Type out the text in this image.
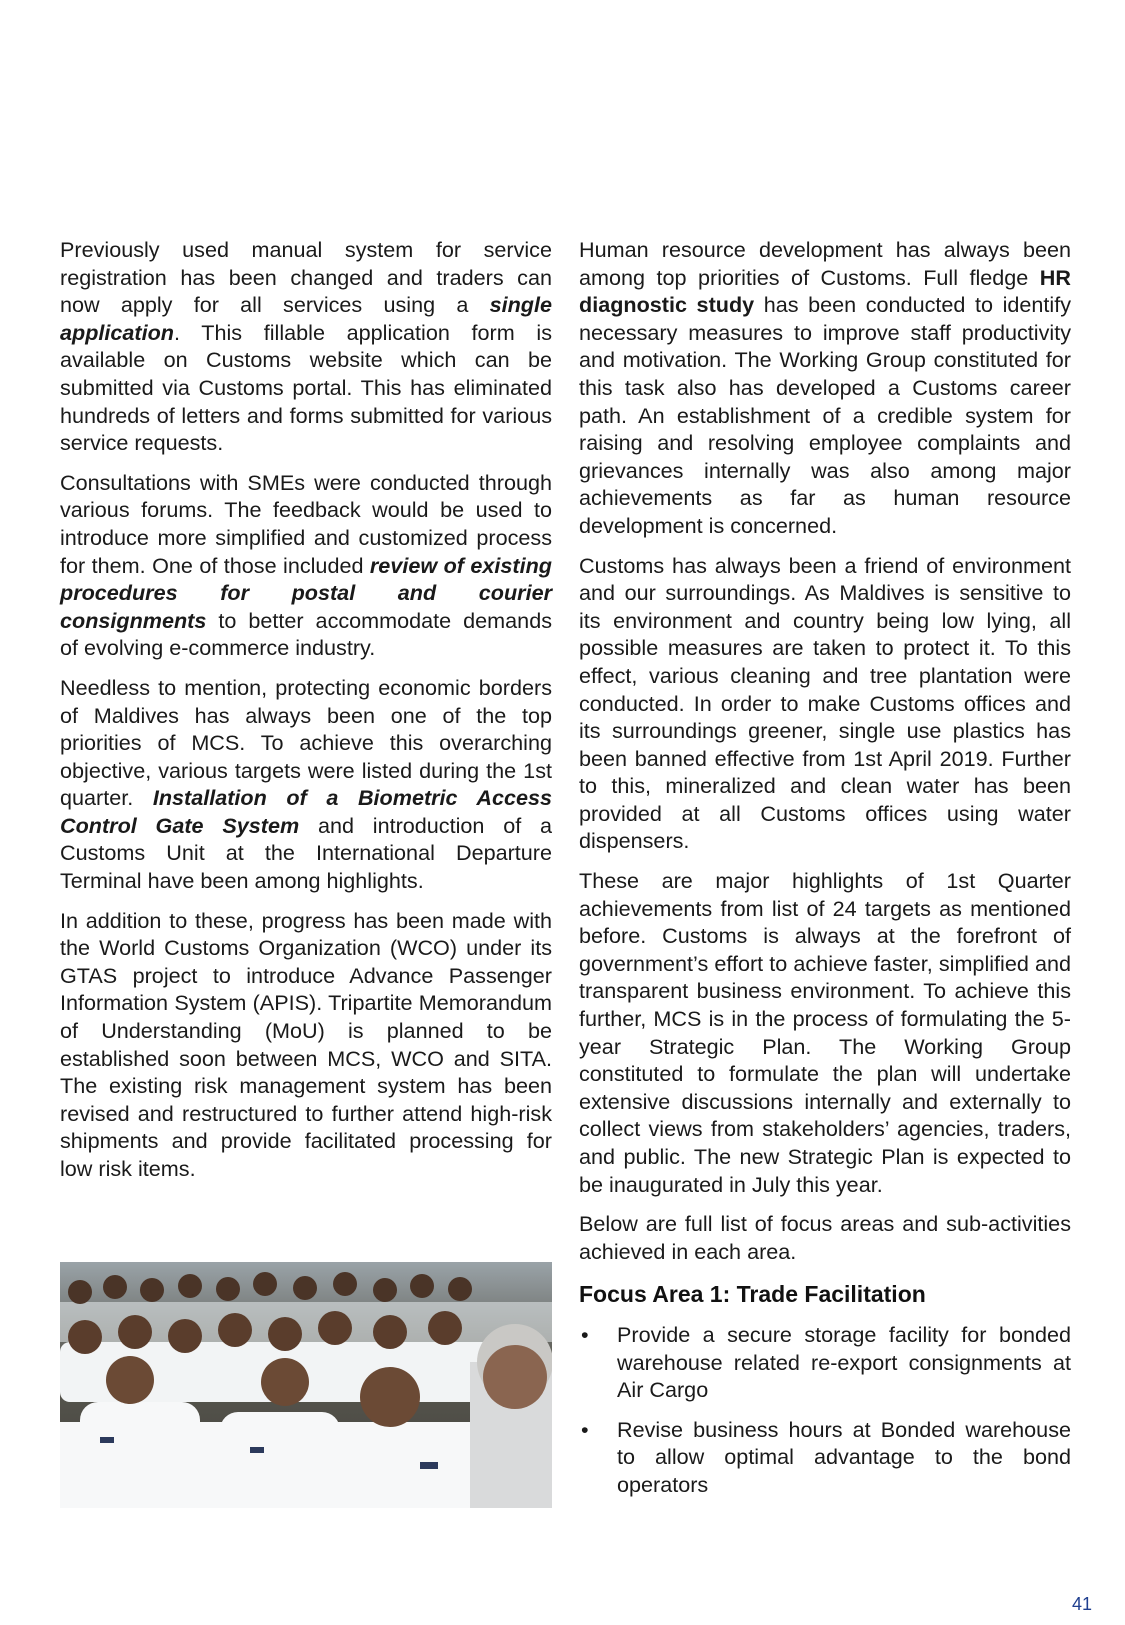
Previously used manual system for service registration has been changed and traders can now apply for all services using a single application. This fillable application form is available on Customs website which can be submitted via Customs portal. This has eliminated hundreds of letters and forms submitted for various service requests.

Consultations with SMEs were conducted through various forums. The feedback would be used to introduce more simplified and customized process for them. One of those included review of existing procedures for postal and courier consignments to better accommodate demands of evolving e-commerce industry.

Needless to mention, protecting economic borders of Maldives has always been one of the top priorities of MCS. To achieve this overarching objective, various targets were listed during the 1st quarter. Installation of a Biometric Access Control Gate System and introduction of a Customs Unit at the International Departure Terminal have been among highlights.

In addition to these, progress has been made with the World Customs Organization (WCO) under its GTAS project to introduce Advance Passenger Information System (APIS). Tripartite Memorandum of Understanding (MoU) is planned to be established soon between MCS, WCO and SITA. The existing risk management system has been revised and restructured to further attend high-risk shipments and provide facilitated processing for low risk items.

Human resource development has always been among top priorities of Customs. Full fledge HR diagnostic study has been conducted to identify necessary measures to improve staff productivity and motivation. The Working Group constituted for this task also has developed a Customs career path. An establishment of a credible system for raising and resolving employee complaints and grievances internally was also among major achievements as far as human resource development is concerned.

Customs has always been a friend of environment and our surroundings. As Maldives is sensitive to its environment and country being low lying, all possible measures are taken to protect it. To this effect, various cleaning and tree plantation were conducted. In order to make Customs offices and its surroundings greener, single use plastics has been banned effective from 1st April 2019. Further to this, mineralized and clean water has been provided at all Customs offices using water dispensers.

These are major highlights of 1st Quarter achievements from list of 24 targets as mentioned before. Customs is always at the forefront of government’s effort to achieve faster, simplified and transparent business environment. To achieve this further, MCS is in the process of formulating the 5-year Strategic Plan. The Working Group constituted to formulate the plan will undertake extensive discussions internally and externally to collect views from stakeholders’ agencies, traders, and public. The new Strategic Plan is expected to be inaugurated in July this year.

Below are full list of focus areas and sub-activities achieved in each area.

Focus Area 1: Trade Facilitation
• Provide a secure storage facility for bonded warehouse related re-export consignments at Air Cargo
• Revise business hours at Bonded warehouse to allow optimal advantage to the bond operators
41
